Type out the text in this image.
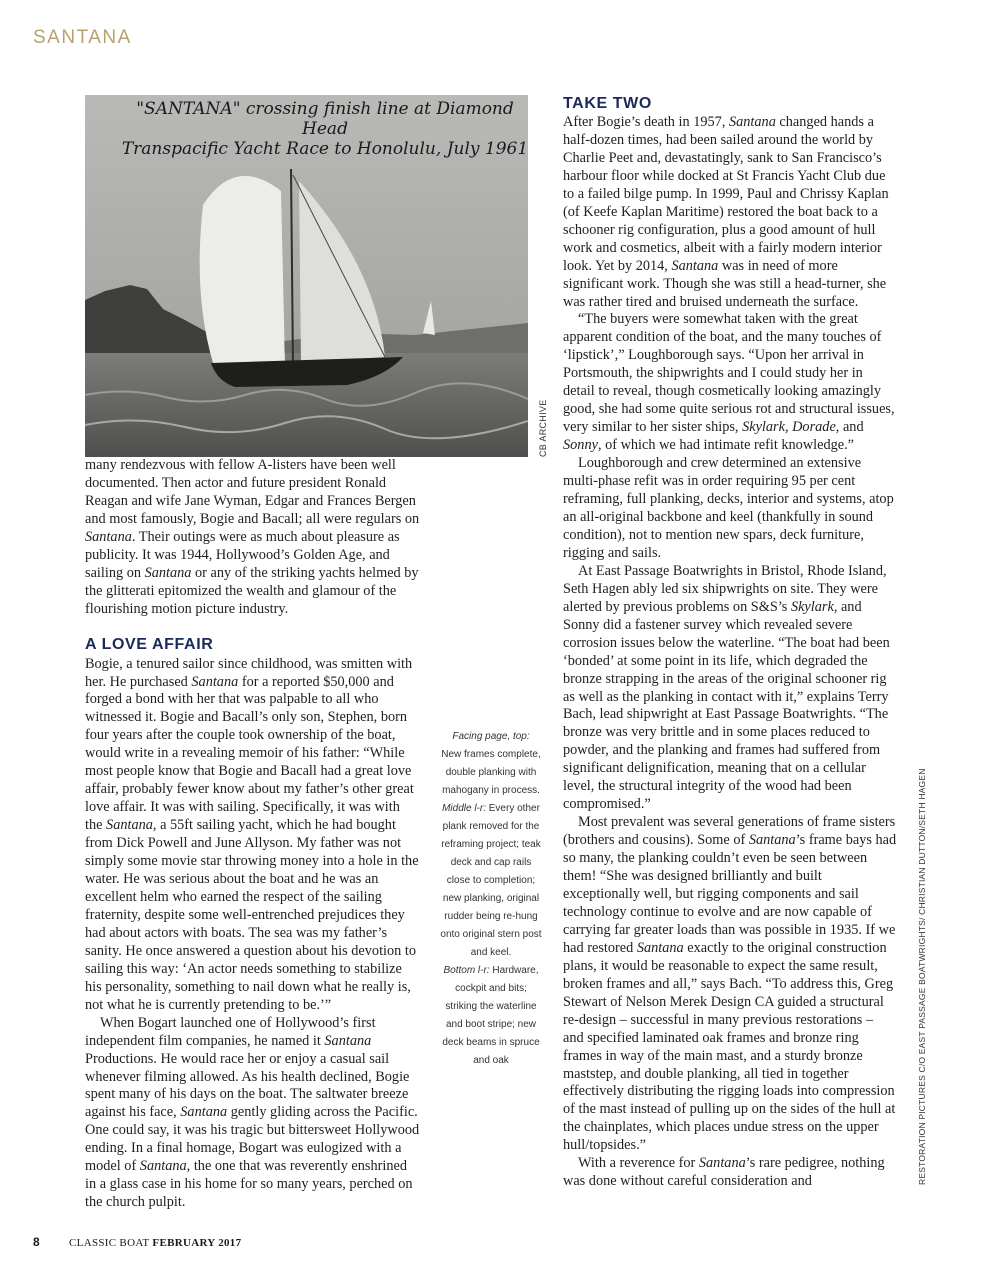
SANTANA
"SANTANA" crossing finish line at Diamond Head
Transpacific Yacht Race to Honolulu, July 1961
CB ARCHIVE

many rendezvous with fellow A-listers have been well documented. Then actor and future president Ronald Reagan and wife Jane Wyman, Edgar and Frances Bergen and most famously, Bogie and Bacall; all were regulars on Santana. Their outings were as much about pleasure as publicity. It was 1944, Hollywood’s Golden Age, and sailing on Santana or any of the striking yachts helmed by the glitterati epitomized the wealth and glamour of the flourishing motion picture industry.

A LOVE AFFAIR

Bogie, a tenured sailor since childhood, was smitten with her. He purchased Santana for a reported $50,000 and forged a bond with her that was palpable to all who witnessed it. Bogie and Bacall’s only son, Stephen, born four years after the couple took ownership of the boat, would write in a revealing memoir of his father: “While most people know that Bogie and Bacall had a great love affair, probably fewer know about my father’s other great love affair. It was with sailing. Specifically, it was with the Santana, a 55ft sailing yacht, which he had bought from Dick Powell and June Allyson. My father was not simply some movie star throwing money into a hole in the water. He was serious about the boat and he was an excellent helm who earned the respect of the sailing fraternity, despite some well-entrenched prejudices they had about actors with boats. The sea was my father’s sanity. He once answered a question about his devotion to sailing this way: ‘An actor needs something to stabilize his personality, something to nail down what he really is, not what he is currently pretending to be.’”

When Bogart launched one of Hollywood’s first independent film companies, he named it Santana Productions. He would race her or enjoy a casual sail whenever filming allowed. As his health declined, Bogie spent many of his days on the boat. The saltwater breeze against his face, Santana gently gliding across the Pacific. One could say, it was his tragic but bittersweet Hollywood ending. In a final homage, Bogart was eulogized with a model of Santana, the one that was reverently enshrined in a glass case in his home for so many years, perched on the church pulpit.

Facing page, top:
New frames complete, double planking with mahogany in process.
Middle l-r: Every other plank removed for the reframing project; teak deck and cap rails close to completion; new planking, original rudder being re-hung onto original stern post and keel.
Bottom l-r: Hardware, cockpit and bits; striking the waterline and boot stripe; new deck beams in spruce and oak
TAKE TWO

After Bogie’s death in 1957, Santana changed hands a half-dozen times, had been sailed around the world by Charlie Peet and, devastatingly, sank to San Francisco’s harbour floor while docked at St Francis Yacht Club due to a failed bilge pump. In 1999, Paul and Chrissy Kaplan (of Keefe Kaplan Maritime) restored the boat back to a schooner rig configuration, plus a good amount of hull work and cosmetics, albeit with a fairly modern interior look. Yet by 2014, Santana was in need of more significant work. Though she was still a head-turner, she was rather tired and bruised underneath the surface.

“The buyers were somewhat taken with the great apparent condition of the boat, and the many touches of ‘lipstick’,” Loughborough says. “Upon her arrival in Portsmouth, the shipwrights and I could study her in detail to reveal, though cosmetically looking amazingly good, she had some quite serious rot and structural issues, very similar to her sister ships, Skylark, Dorade, and Sonny, of which we had intimate refit knowledge.”

Loughborough and crew determined an extensive multi-phase refit was in order requiring 95 per cent reframing, full planking, decks, interior and systems, atop an all-original backbone and keel (thankfully in sound condition), not to mention new spars, deck furniture, rigging and sails.

At East Passage Boatwrights in Bristol, Rhode Island, Seth Hagen ably led six shipwrights on site. They were alerted by previous problems on S&S’s Skylark, and Sonny did a fastener survey which revealed severe corrosion issues below the waterline. “The boat had been ‘bonded’ at some point in its life, which degraded the bronze strapping in the areas of the original schooner rig as well as the planking in contact with it,” explains Terry Bach, lead shipwright at East Passage Boatwrights. “The bronze was very brittle and in some places reduced to powder, and the planking and frames had suffered from significant delignification, meaning that on a cellular level, the structural integrity of the wood had been compromised.”

Most prevalent was several generations of frame sisters (brothers and cousins). Some of Santana’s frame bays had so many, the planking couldn’t even be seen between them! “She was designed brilliantly and built exceptionally well, but rigging components and sail technology continue to evolve and are now capable of carrying far greater loads than was possible in 1935. If we had restored Santana exactly to the original construction plans, it would be reasonable to expect the same result, broken frames and all,” says Bach. “To address this, Greg Stewart of Nelson Merek Design CA guided a structural re-design – successful in many previous restorations – and specified laminated oak frames and bronze ring frames in way of the main mast, and a sturdy bronze maststep, and double planking, all tied in together effectively distributing the rigging loads into compression of the mast instead of pulling up on the sides of the hull at the chainplates, which places undue stress on the upper hull/topsides.”

With a reverence for Santana’s rare pedigree, nothing was done without careful consideration and	RESTORATION PICTURES C/O EAST PASSAGE BOATWRIGHTS/ CHRISTIAN DUTTON/SETH HAGEN
8	CLASSIC BOAT FEBRUARY 2017
